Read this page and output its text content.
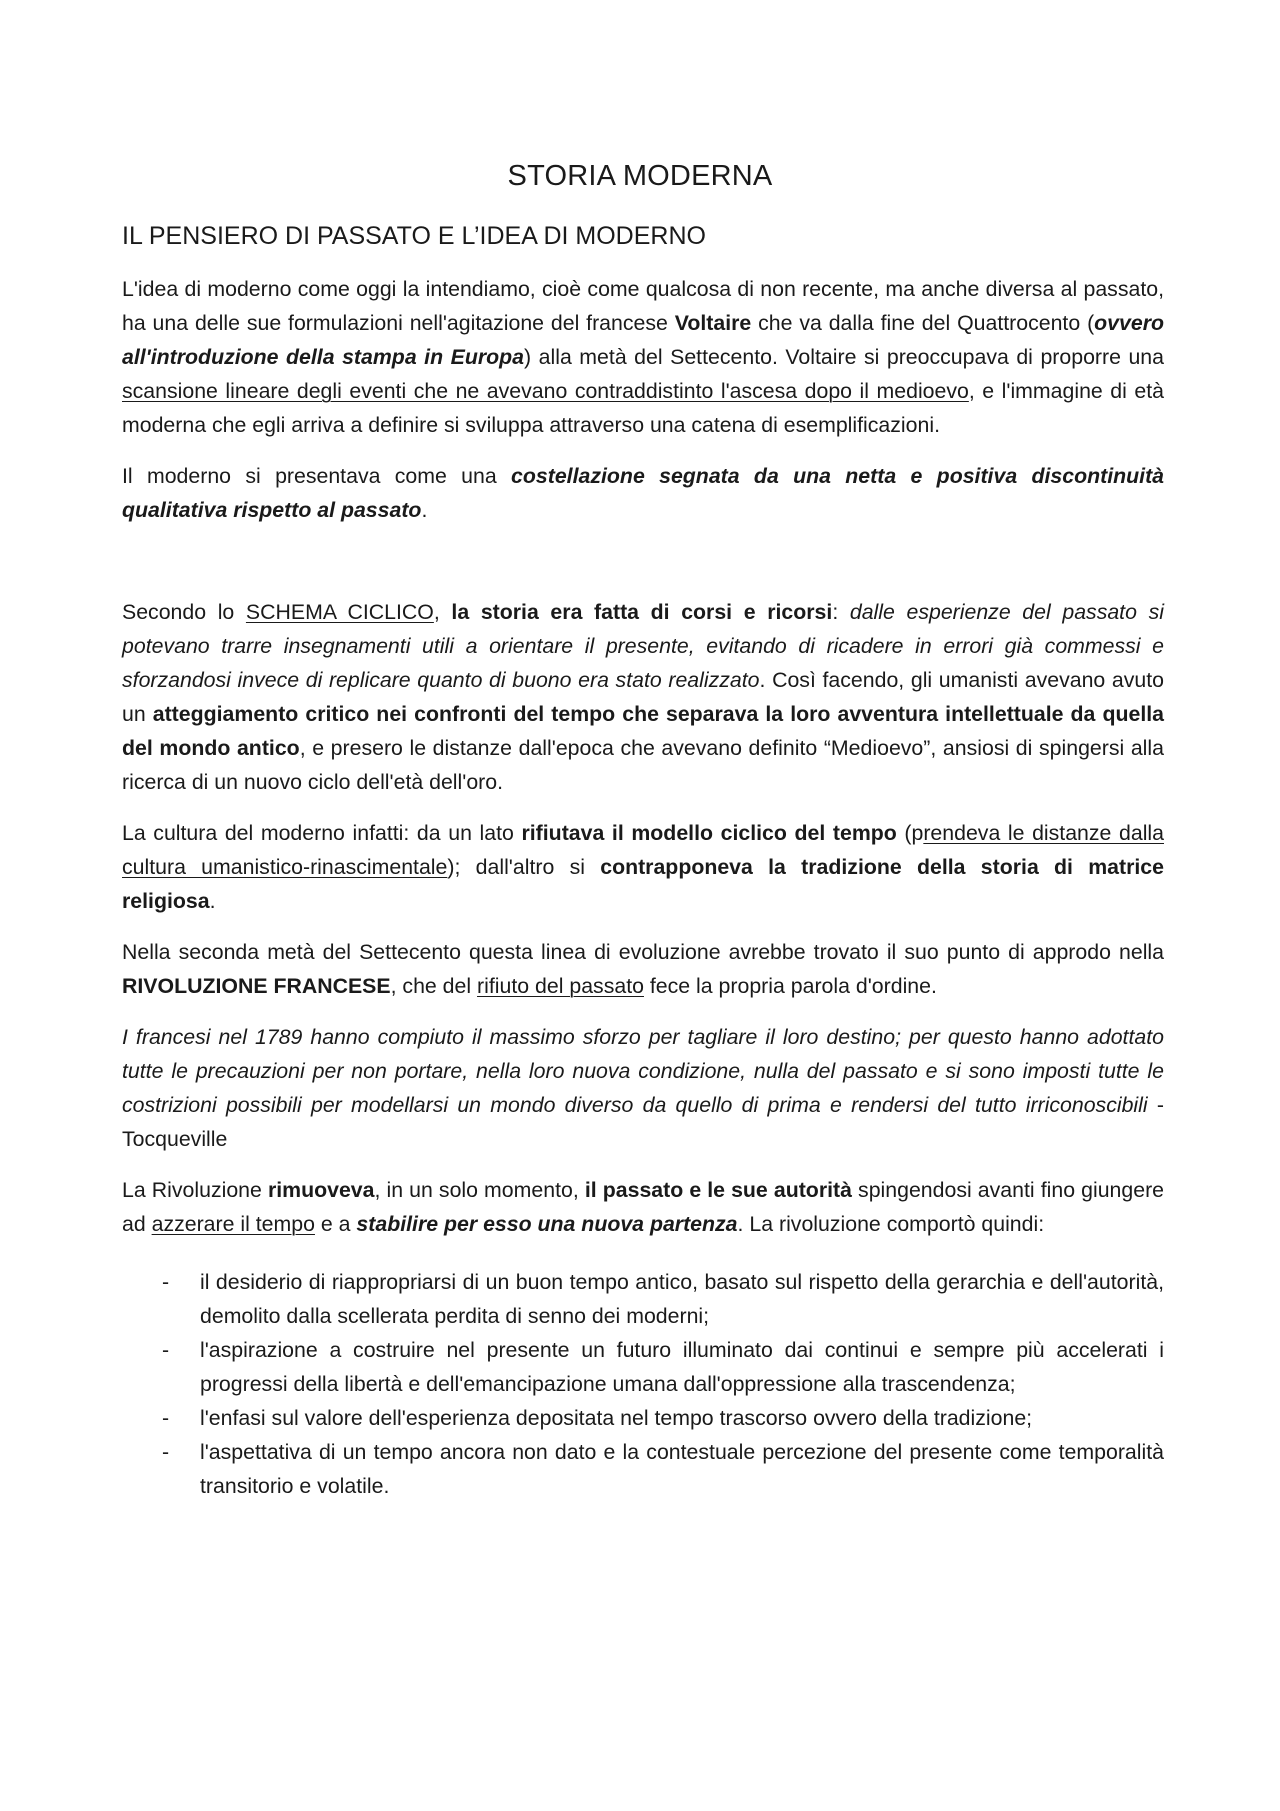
STORIA MODERNA
IL PENSIERO DI PASSATO E L’IDEA DI MODERNO

L'idea di moderno come oggi la intendiamo, cioè come qualcosa di non recente, ma anche diversa al passato, ha una delle sue formulazioni nell'agitazione del francese Voltaire che va dalla fine del Quattrocento (ovvero all'introduzione della stampa in Europa) alla metà del Settecento. Voltaire si preoccupava di proporre una scansione lineare degli eventi che ne avevano contraddistinto l'ascesa dopo il medioevo, e l'immagine di età moderna che egli arriva a definire si sviluppa attraverso una catena di esemplificazioni.

Il moderno si presentava come una costellazione segnata da una netta e positiva discontinuità qualitativa rispetto al passato.

Secondo lo SCHEMA CICLICO, la storia era fatta di corsi e ricorsi: dalle esperienze del passato si potevano trarre insegnamenti utili a orientare il presente, evitando di ricadere in errori già commessi e sforzandosi invece di replicare quanto di buono era stato realizzato. Così facendo, gli umanisti avevano avuto un atteggiamento critico nei confronti del tempo che separava la loro avventura intellettuale da quella del mondo antico, e presero le distanze dall'epoca che avevano definito “Medioevo”, ansiosi di spingersi alla ricerca di un nuovo ciclo dell'età dell'oro.

La cultura del moderno infatti: da un lato rifiutava il modello ciclico del tempo (prendeva le distanze dalla cultura umanistico-rinascimentale); dall'altro si contrapponeva la tradizione della storia di matrice religiosa.

Nella seconda metà del Settecento questa linea di evoluzione avrebbe trovato il suo punto di approdo nella RIVOLUZIONE FRANCESE, che del rifiuto del passato fece la propria parola d'ordine.

I francesi nel 1789 hanno compiuto il massimo sforzo per tagliare il loro destino; per questo hanno adottato tutte le precauzioni per non portare, nella loro nuova condizione, nulla del passato e si sono imposti tutte le costrizioni possibili per modellarsi un mondo diverso da quello di prima e rendersi del tutto irriconoscibili - Tocqueville

La Rivoluzione rimuoveva, in un solo momento, il passato e le sue autorità spingendosi avanti fino giungere ad azzerare il tempo e a stabilire per esso una nuova partenza. La rivoluzione comportò quindi:

- il desiderio di riappropriarsi di un buon tempo antico, basato sul rispetto della gerarchia e dell'autorità, demolito dalla scellerata perdita di senno dei moderni;
- l'aspirazione a costruire nel presente un futuro illuminato dai continui e sempre più accelerati i progressi della libertà e dell'emancipazione umana dall'oppressione alla trascendenza;
- l'enfasi sul valore dell'esperienza depositata nel tempo trascorso ovvero della tradizione;
- l'aspettativa di un tempo ancora non dato e la contestuale percezione del presente come temporalità transitorio e volatile.
